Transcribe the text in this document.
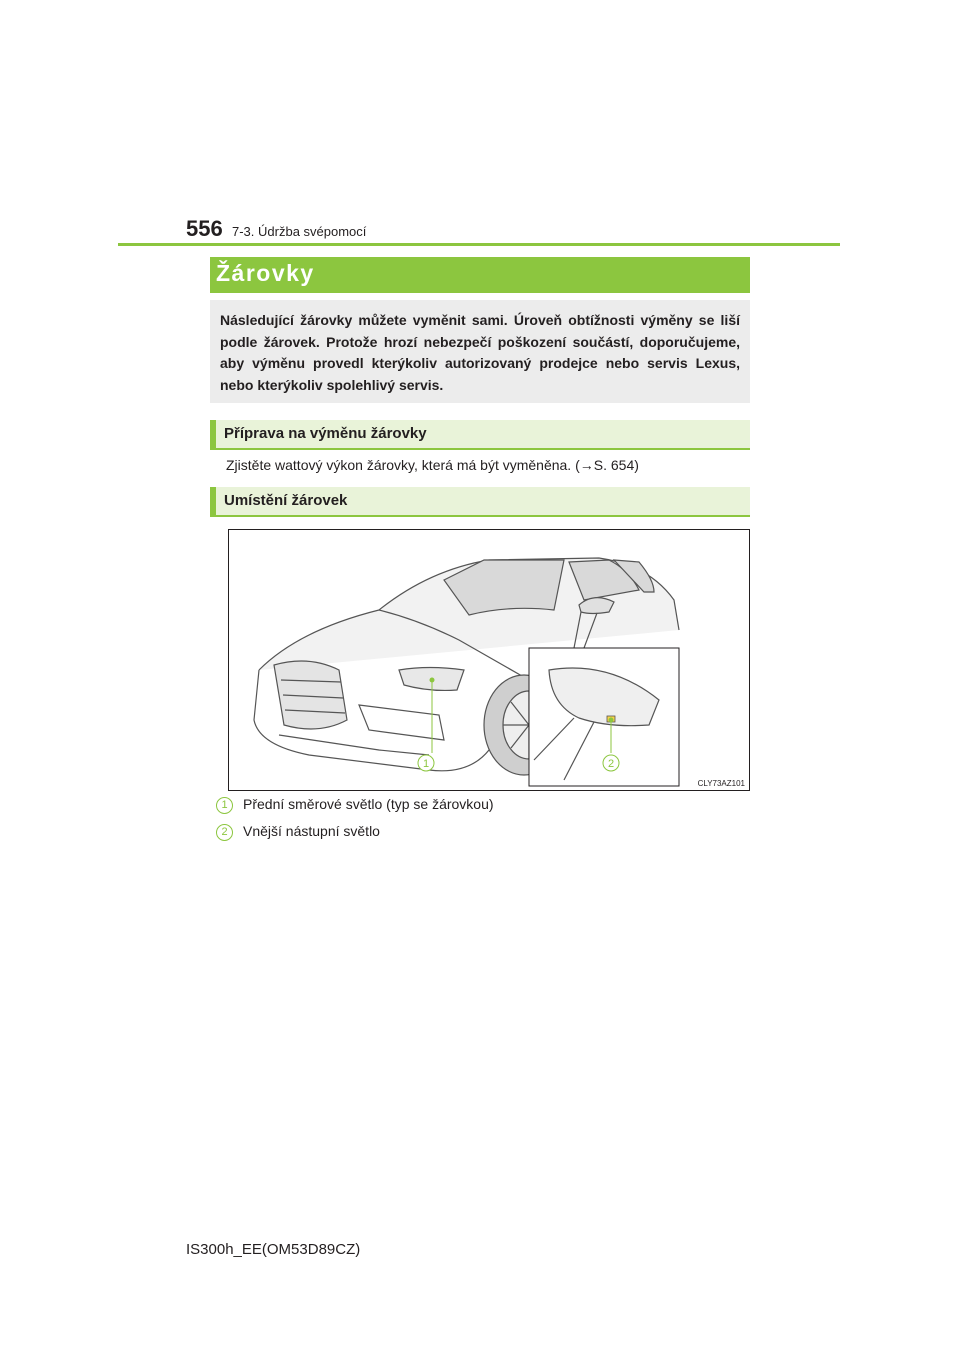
556 7-3. Údržba svépomocí
Žárovky

Následující žárovky můžete vyměnit sami. Úroveň obtížnosti výměny se liší podle žárovek. Protože hrozí nebezpečí poškození součástí, doporučujeme, aby výměnu provedl kterýkoliv autorizovaný prodejce nebo servis Lexus, nebo kterýkoliv spolehlivý servis.

Příprava na výměnu žárovky
Zjistěte wattový výkon žárovky, která má být vyměněna. (→S. 654)
Umístění žárovek
1	2
CLY73AZ101
1 Přední směrové světlo (typ se žárovkou)
2 Vnější nástupní světlo
IS300h_EE(OM53D89CZ)
